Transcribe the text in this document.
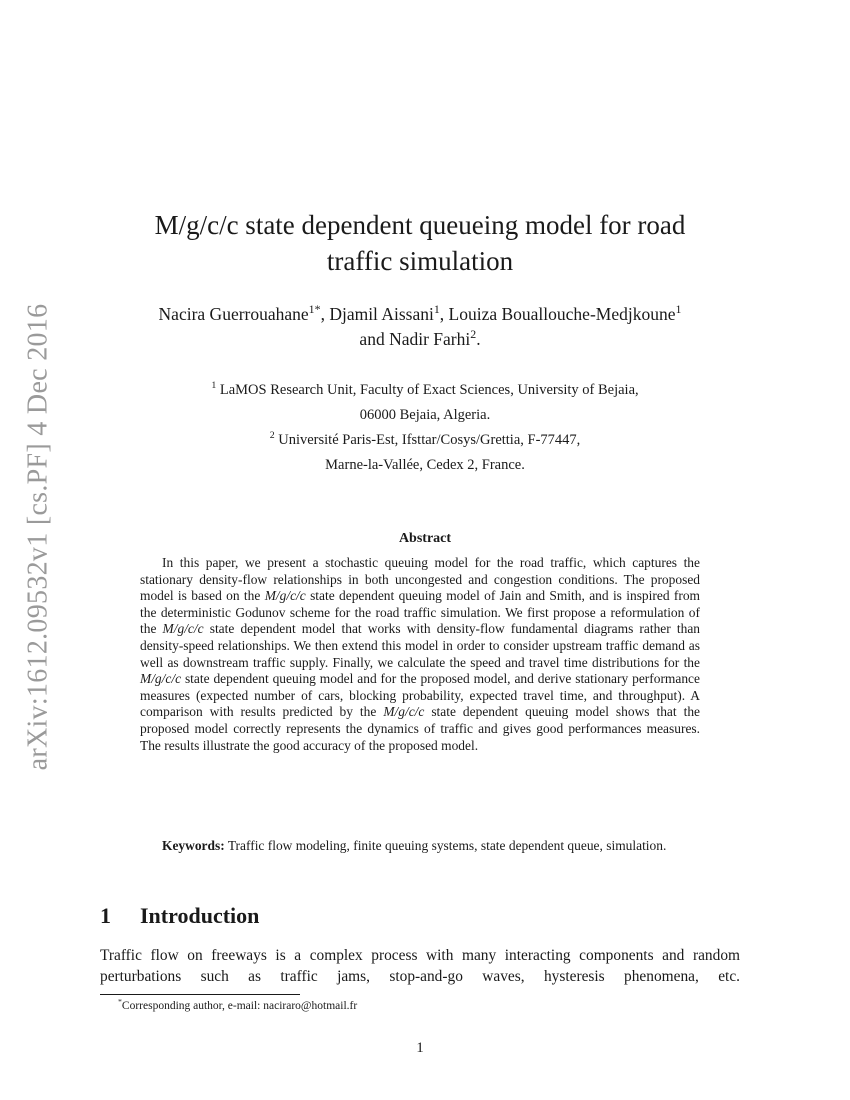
arXiv:1612.09532v1 [cs.PF] 4 Dec 2016
M/g/c/c state dependent queueing model for road
traffic simulation
Nacira Guerrouahane$^{1*}$, Djamil Aissani$^1$, Louiza Bouallouche-Medjkoune$^1$
and Nadir Farhi$^2$.
$^1$ LaMOS Research Unit, Faculty of Exact Sciences, University of Bejaia,
06000 Bejaia, Algeria.
$^2$ Université Paris-Est, Ifsttar/Cosys/Grettia, F-77447,
Marne-la-Vallée, Cedex 2, France.
Abstract

In this paper, we present a stochastic queuing model for the road traffic, which captures the stationary density-flow relationships in both uncongested and congestion conditions. The proposed model is based on the M/g/c/c state dependent queuing model of Jain and Smith, and is inspired from the deterministic Godunov scheme for the road traffic simulation. We first propose a reformulation of the M/g/c/c state dependent model that works with density-flow fundamental diagrams rather than density-speed relationships. We then extend this model in order to consider upstream traffic demand as well as downstream traffic supply. Finally, we calculate the speed and travel time distributions for the M/g/c/c state dependent queuing model and for the proposed model, and derive stationary performance measures (expected number of cars, blocking probability, expected travel time, and throughput). A comparison with results predicted by the M/g/c/c state dependent queuing model shows that the proposed model correctly represents the dynamics of traffic and gives good performances measures. The results illustrate the good accuracy of the proposed model.

Keywords: Traffic flow modeling, finite queuing systems, state dependent queue, simulation.

1 Introduction

Traffic flow on freeways is a complex process with many interacting components and random perturbations such as traffic jams, stop-and-go waves, hysteresis phenomena, etc.

*Corresponding author, e-mail: naciraro@hotmail.fr
1
